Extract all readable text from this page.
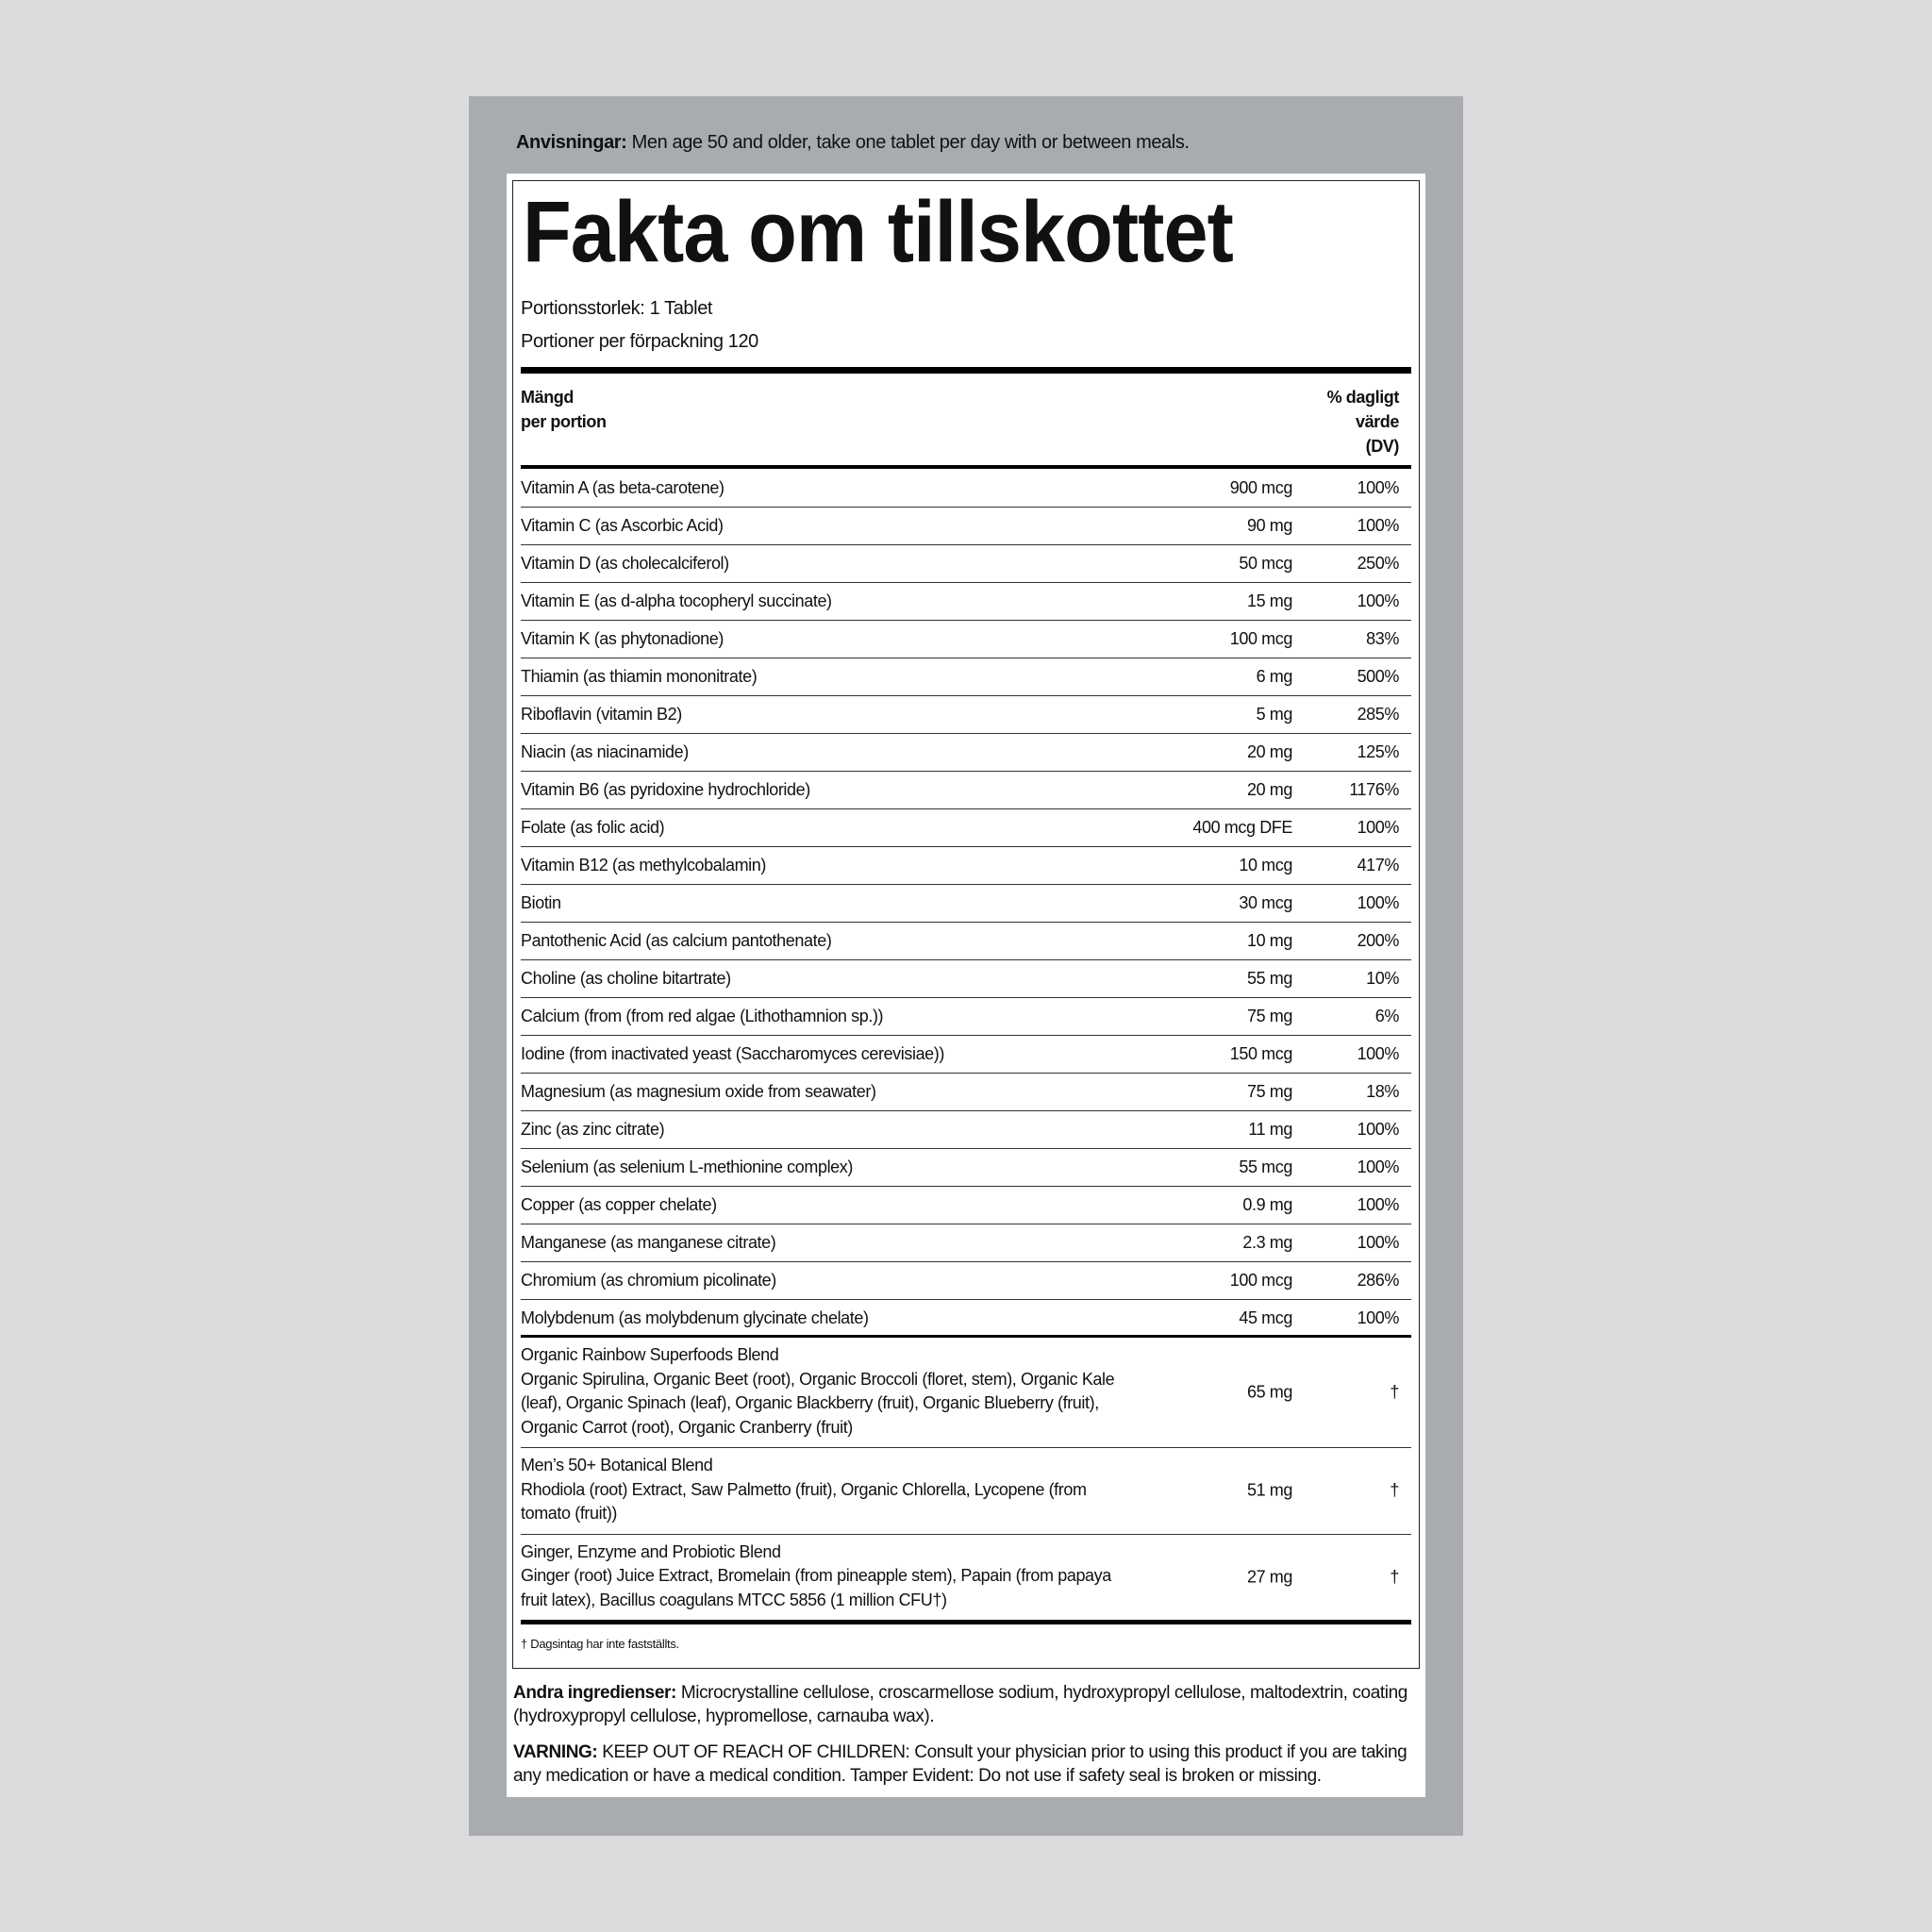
Anvisningar: Men age 50 and older, take one tablet per day with or between meals.
Fakta om tillskottet
Portionsstorlek: 1 Tablet
Portioner per förpackning 120
Mängd
per portion
% dagligt
värde
(DV)
Vitamin A (as beta-carotene)	900 mcg	100%
Vitamin C (as Ascorbic Acid)	90 mg	100%
Vitamin D (as cholecalciferol)	50 mcg	250%
Vitamin E (as d-alpha tocopheryl succinate)	15 mg	100%
Vitamin K (as phytonadione)	100 mcg	83%
Thiamin (as thiamin mononitrate)	6 mg	500%
Riboflavin (vitamin B2)	5 mg	285%
Niacin (as niacinamide)	20 mg	125%
Vitamin B6 (as pyridoxine hydrochloride)	20 mg	1176%
Folate (as folic acid)	400 mcg DFE	100%
Vitamin B12 (as methylcobalamin)	10 mcg	417%
Biotin	30 mcg	100%
Pantothenic Acid (as calcium pantothenate)	10 mg	200%
Choline (as choline bitartrate)	55 mg	10%
Calcium (from (from red algae (Lithothamnion sp.))	75 mg	6%
Iodine (from inactivated yeast (Saccharomyces cerevisiae))	150 mcg	100%
Magnesium (as magnesium oxide from seawater)	75 mg	18%
Zinc (as zinc citrate)	11 mg	100%
Selenium (as selenium L-methionine complex)	55 mcg	100%
Copper (as copper chelate)	0.9 mg	100%
Manganese (as manganese citrate)	2.3 mg	100%
Chromium (as chromium picolinate)	100 mcg	286%
Molybdenum (as molybdenum glycinate chelate)	45 mcg	100%
Organic Rainbow Superfoods Blend
Organic Spirulina, Organic Beet (root), Organic Broccoli (floret, stem), Organic Kale (leaf), Organic Spinach (leaf), Organic Blackberry (fruit), Organic Blueberry (fruit), Organic Carrot (root), Organic Cranberry (fruit)
65 mg	†
Men’s 50+ Botanical Blend
Rhodiola (root) Extract, Saw Palmetto (fruit), Organic Chlorella, Lycopene (from tomato (fruit))
51 mg	†
Ginger, Enzyme and Probiotic Blend
Ginger (root) Juice Extract, Bromelain (from pineapple stem), Papain (from papaya fruit latex), Bacillus coagulans MTCC 5856 (1 million CFU†)
27 mg	†
† Dagsintag har inte fastställts.
Andra ingredienser: Microcrystalline cellulose, croscarmellose sodium, hydroxypropyl cellulose, maltodextrin, coating (hydroxypropyl cellulose, hypromellose, carnauba wax).
VARNING: KEEP OUT OF REACH OF CHILDREN: Consult your physician prior to using this product if you are taking any medication or have a medical condition. Tamper Evident: Do not use if safety seal is broken or missing.
